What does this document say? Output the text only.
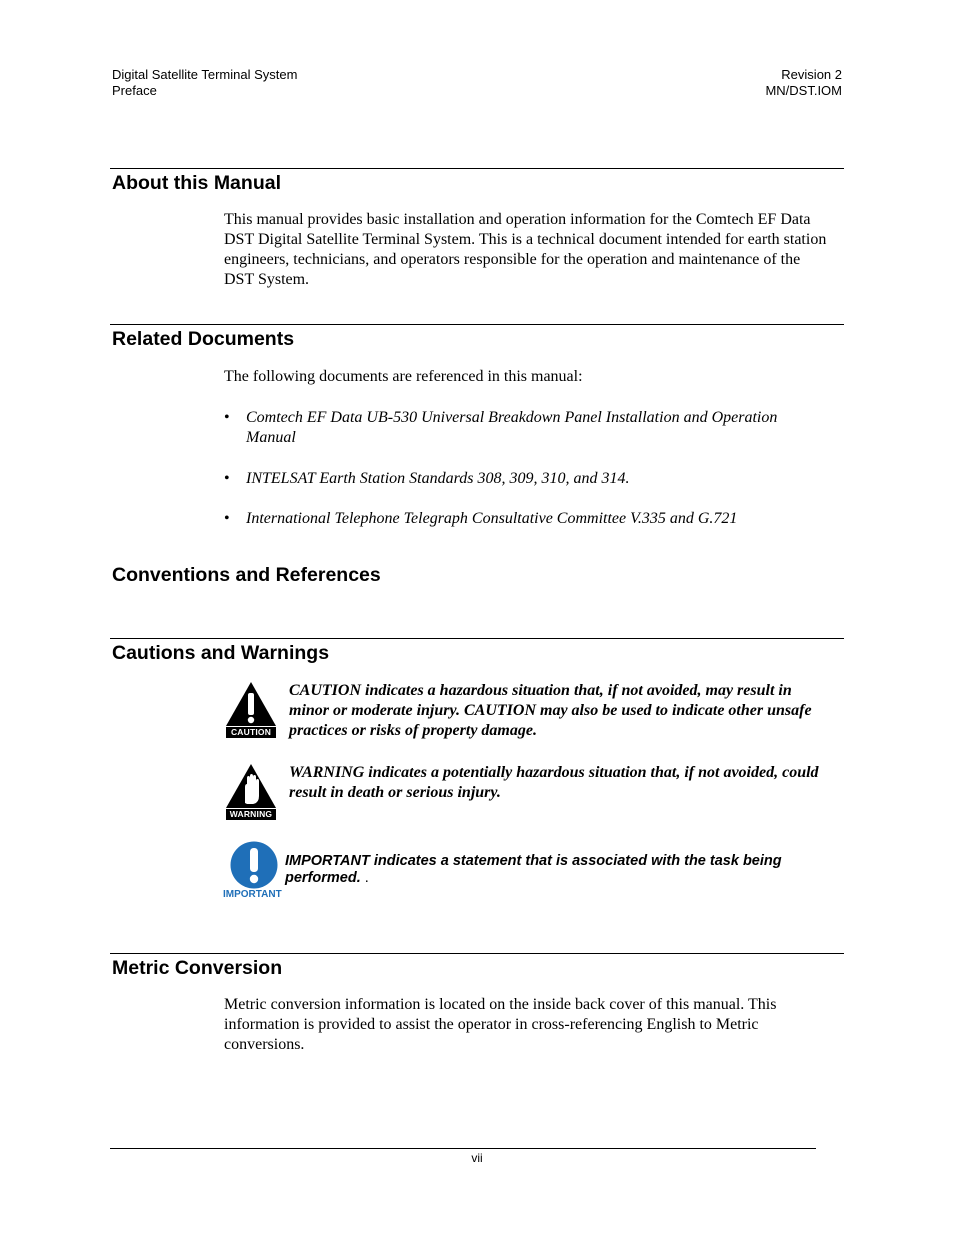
Digital Satellite Terminal System
Preface
Revision 2
MN/DST.IOM
About this Manual
This manual provides basic installation and operation information for the Comtech EF Data DST Digital Satellite Terminal System. This is a technical document intended for earth station engineers, technicians, and operators responsible for the operation and maintenance of the DST System.
Related Documents
The following documents are referenced in this manual:
• Comtech EF Data UB-530 Universal Breakdown Panel Installation and Operation Manual
• INTELSAT Earth Station Standards 308, 309, 310, and 314.
• International Telephone Telegraph Consultative Committee V.335 and G.721
Conventions and References
Cautions and Warnings
CAUTION
CAUTION indicates a hazardous situation that, if not avoided, may result in minor or moderate injury. CAUTION may also be used to indicate other unsafe practices or risks of property damage.
WARNING
WARNING indicates a potentially hazardous situation that, if not avoided, could result in death or serious injury.
IMPORTANT
IMPORTANT indicates a statement that is associated with the task being performed. .
Metric Conversion
Metric conversion information is located on the inside back cover of this manual. This information is provided to assist the operator in cross-referencing English to Metric conversions.
vii
